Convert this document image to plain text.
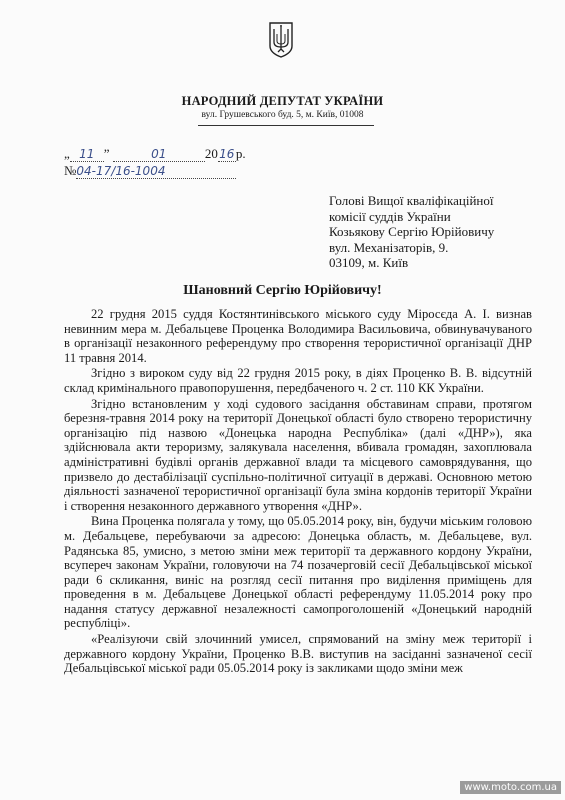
НАРОДНИЙ ДЕПУТАТ УКРАЇНИ
вул. Грушевського буд. 5, м. Київ, 01008
„ 11 ”	01	2016р.
№04-17/16-1004
Голові Вищої кваліфікаційної
комісії суддів України
Козьякову Сергію Юрійовичу
вул. Механізаторів, 9.
03109, м. Київ
Шановний Сергію Юрійовичу!

22 грудня 2015 суддя Костянтинівського міського суду Міросєда А. І. визнав невинним мера м. Дебальцеве Проценка Володимира Васильовича, обвинувачуваного в організації незаконного референдуму про створення терористичної організації ДНР 11 травня 2014.

Згідно з вироком суду від 22 грудня 2015 року, в діях Проценко В. В. відсутній склад кримінального правопорушення, передбаченого ч. 2 ст. 110 КК України.

Згідно встановленим у ході судового засідання обставинам справи, протягом березня-травня 2014 року на території Донецької області було створено терористичну організацію під назвою «Донецька народна Республіка» (далі «ДНР»), яка здійснювала акти тероризму, залякувала населення, вбивала громадян, захоплювала адміністративні будівлі органів державної влади та місцевого самоврядування, що призвело до дестабілізації суспільно-політичної ситуації в державі. Основною метою діяльності зазначеної терористичної організації була зміна кордонів території України і створення незаконного державного утворення «ДНР».

Вина Проценка полягала у тому, що 05.05.2014 року, він, будучи міським головою м. Дебальцеве, перебуваючи за адресою: Донецька область, м. Дебальцеве, вул. Радянська 85, умисно, з метою зміни меж території та державного кордону України, всупереч законам України, головуючи на 74 позачерговій сесії Дебальцівської міської ради 6 скликання, виніс на розгляд сесії питання про виділення приміщень для проведення в м. Дебальцеве Донецької області референдуму 11.05.2014 року про надання статусу державної незалежності самопроголошеній «Донецький народній республіці».

«Реалізуючи свій злочинний умисел, спрямований на зміну меж території і державного кордону України, Проценко В.В. виступив на засіданні зазначеної сесії Дебальцівської міської ради 05.05.2014 року із закликами щодо зміни меж

www.moto.com.ua
